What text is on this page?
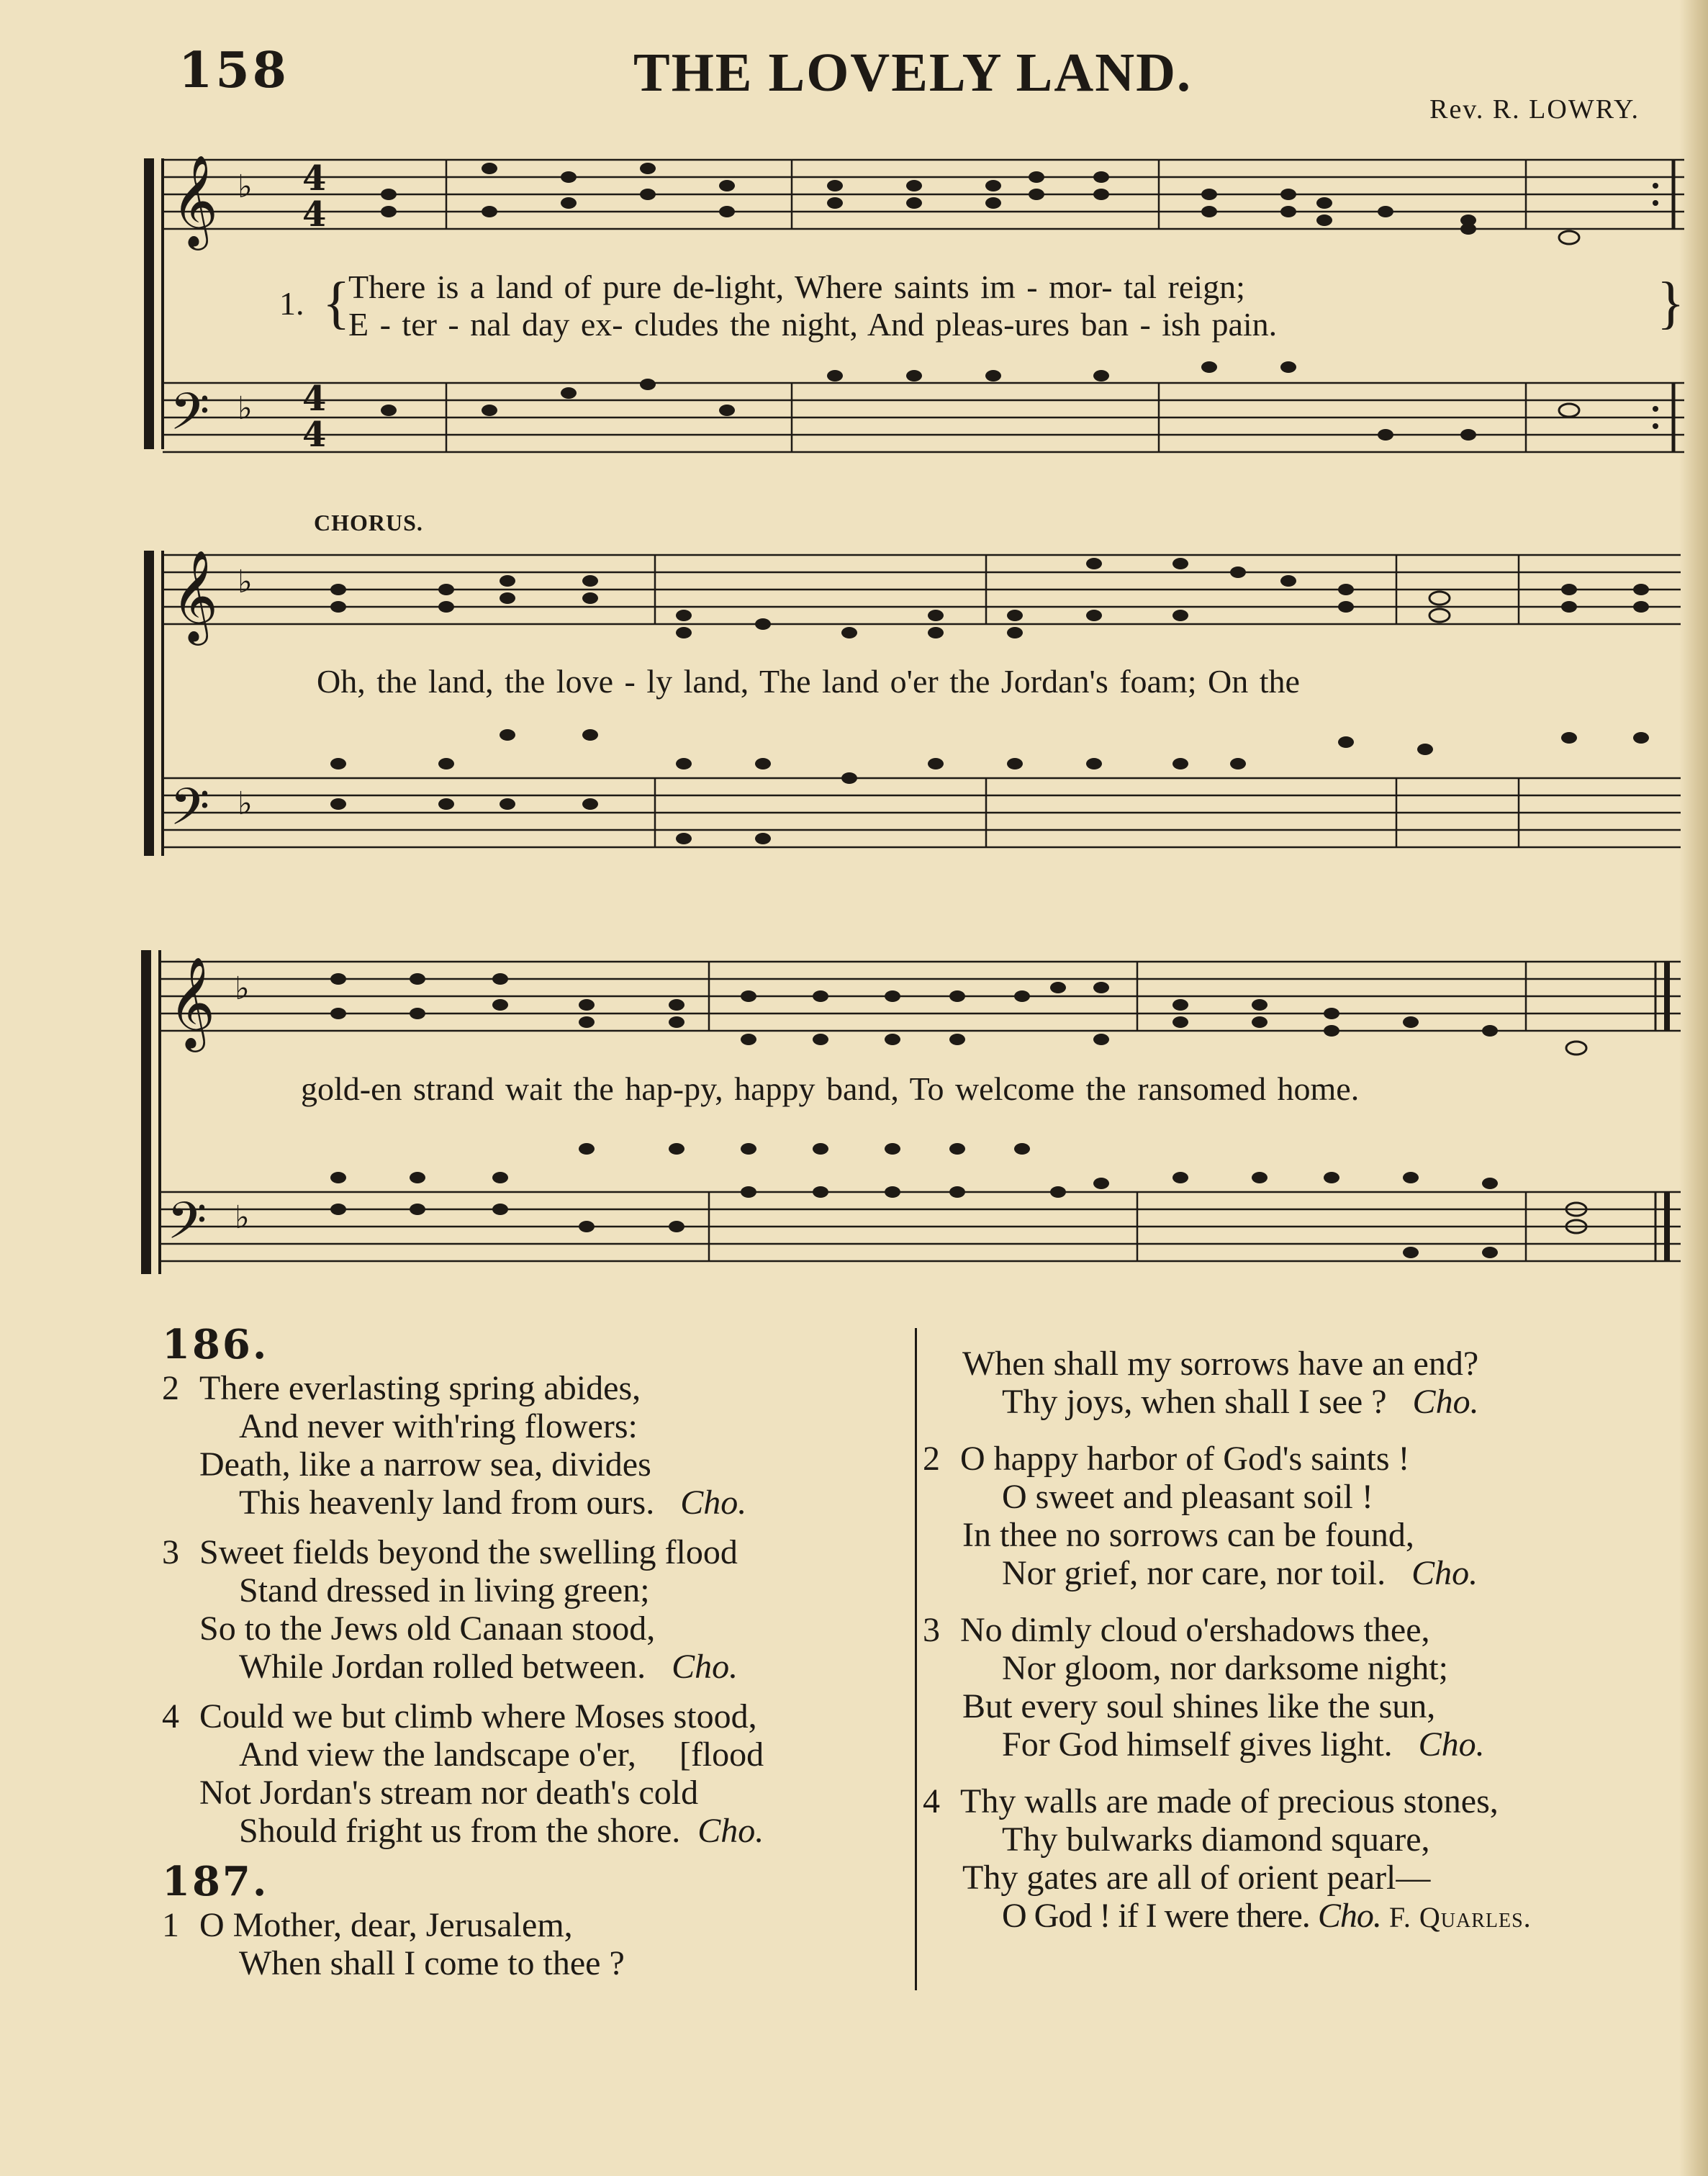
158	THE LOVELY LAND.
Rev. R. LOWRY.
𝄞
𝄢
♭
♭
4
4
4
4
1. {
There is a land of pure de-light, Where saints im - mor- tal reign;
E - ter - nal day ex- cludes the night, And pleas-ures ban - ish pain.	}
CHORUS.
𝄞
𝄢
♭
♭
Oh, the land, the love - ly land, The land o'er the Jordan's foam; On the
𝄞
𝄢
♭
♭
gold-en strand wait the hap-py, happy band, To welcome the ransomed home.
186.
2 There everlasting spring abides,
And never with'ring flowers:
Death, like a narrow sea, divides
This heavenly land from ours. Cho.
3 Sweet fields beyond the swelling flood
Stand dressed in living green;
So to the Jews old Canaan stood,
While Jordan rolled between. Cho.
4 Could we but climb where Moses stood,
And view the landscape o'er, [flood
Not Jordan's stream nor death's cold
Should fright us from the shore. Cho.
187.
1 O Mother, dear, Jerusalem,
When shall I come to thee ?
When shall my sorrows have an end?
Thy joys, when shall I see ? Cho.
2 O happy harbor of God's saints !
O sweet and pleasant soil !
In thee no sorrows can be found,
Nor grief, nor care, nor toil. Cho.
3 No dimly cloud o'ershadows thee,
Nor gloom, nor darksome night;
But every soul shines like the sun,
For God himself gives light. Cho.
4 Thy walls are made of precious stones,
Thy bulwarks diamond square,
Thy gates are all of orient pearl—
O God ! if I were there. Cho. F. Quarles.
